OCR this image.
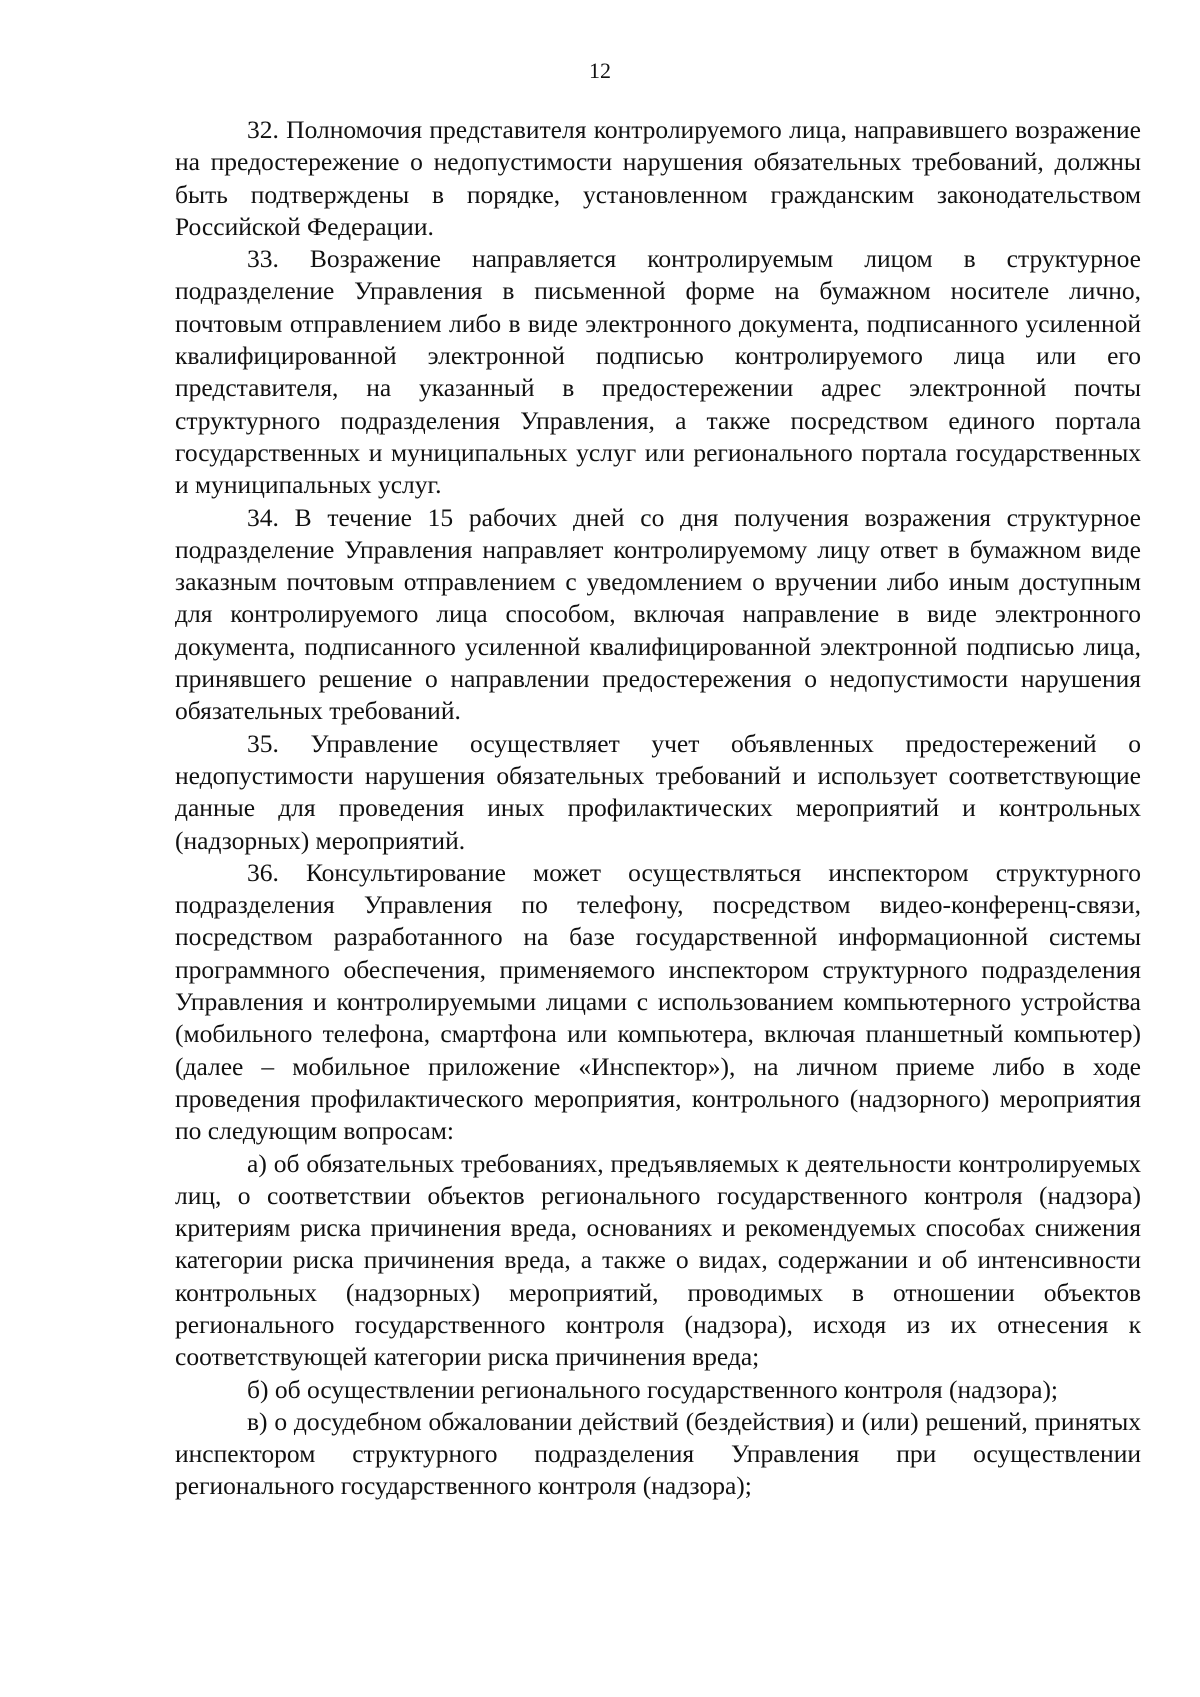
12

32. Полномочия представителя контролируемого лица, направившего возражение на предостережение о недопустимости нарушения обязательных требований, должны быть подтверждены в порядке, установленном гражданским законодательством Российской Федерации.

33. Возражение направляется контролируемым лицом в структурное подразделение Управления в письменной форме на бумажном носителе лично, почтовым отправлением либо в виде электронного документа, подписанного усиленной квалифицированной электронной подписью контролируемого лица или его представителя, на указанный в предостережении адрес электронной почты структурного подразделения Управления, а также посредством единого портала государственных и муниципальных услуг или регионального портала государственных и муниципальных услуг.

34. В течение 15 рабочих дней со дня получения возражения структурное подразделение Управления направляет контролируемому лицу ответ в бумажном виде заказным почтовым отправлением с уведомлением о вручении либо иным доступным для контролируемого лица способом, включая направление в виде электронного документа, подписанного усиленной квалифицированной электронной подписью лица, принявшего решение о направлении предостережения о недопустимости нарушения обязательных требований.

35. Управление осуществляет учет объявленных предостережений о недопустимости нарушения обязательных требований и использует соответствующие данные для проведения иных профилактических мероприятий и контрольных (надзорных) мероприятий.

36. Консультирование может осуществляться инспектором структурного подразделения Управления по телефону, посредством видео-конференц-связи, посредством разработанного на базе государственной информационной системы программного обеспечения, применяемого инспектором структурного подразделения Управления и контролируемыми лицами с использованием компьютерного устройства (мобильного телефона, смартфона или компьютера, включая планшетный компьютер) (далее – мобильное приложение «Инспектор»), на личном приеме либо в ходе проведения профилактического мероприятия, контрольного (надзорного) мероприятия по следующим вопросам:

а) об обязательных требованиях, предъявляемых к деятельности контролируемых лиц, о соответствии объектов регионального государственного контроля (надзора) критериям риска причинения вреда, основаниях и рекомендуемых способах снижения категории риска причинения вреда, а также о видах, содержании и об интенсивности контрольных (надзорных) мероприятий, проводимых в отношении объектов регионального государственного контроля (надзора), исходя из их отнесения к соответствующей категории риска причинения вреда;

б) об осуществлении регионального государственного контроля (надзора);

в) о досудебном обжаловании действий (бездействия) и (или) решений, принятых инспектором структурного подразделения Управления при осуществлении регионального государственного контроля (надзора);
